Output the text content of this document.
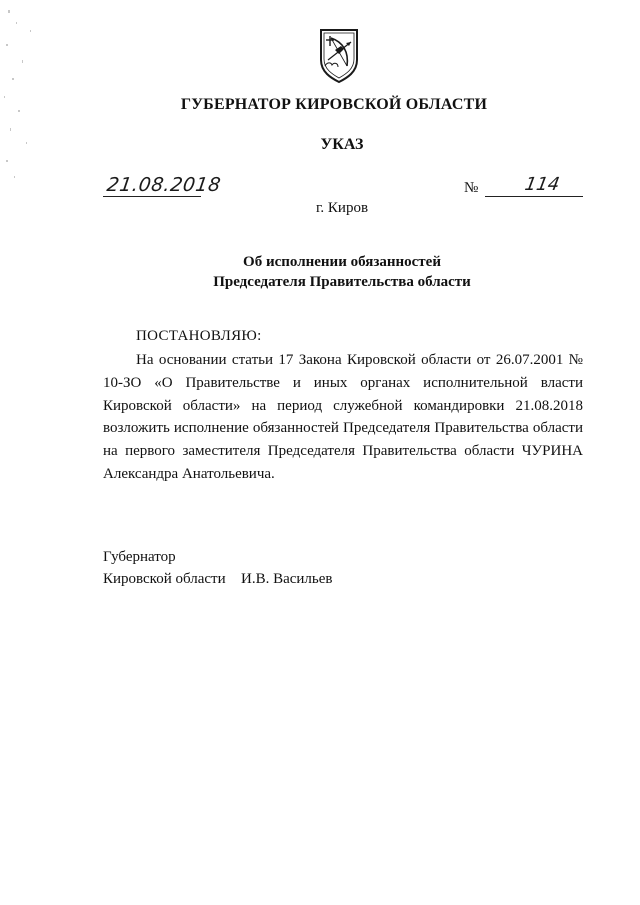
ГУБЕРНАТОР КИРОВСКОЙ ОБЛАСТИ
УКАЗ
21.08.2018	№ 114
г. Киров
Об исполнении обязанностей
Председателя Правительства области
ПОСТАНОВЛЯЮ:

На основании статьи 17 Закона Кировской области от 26.07.2001 № 10-ЗО «О Правительстве и иных органах исполнительной власти Кировской области» на период служебной командировки 21.08.2018 возложить исполнение обязанностей Председателя Правительства области на первого заместителя Председателя Правительства области ЧУРИНА Александра Анатольевича.

Губернатор
Кировской области И.В. Васильев
